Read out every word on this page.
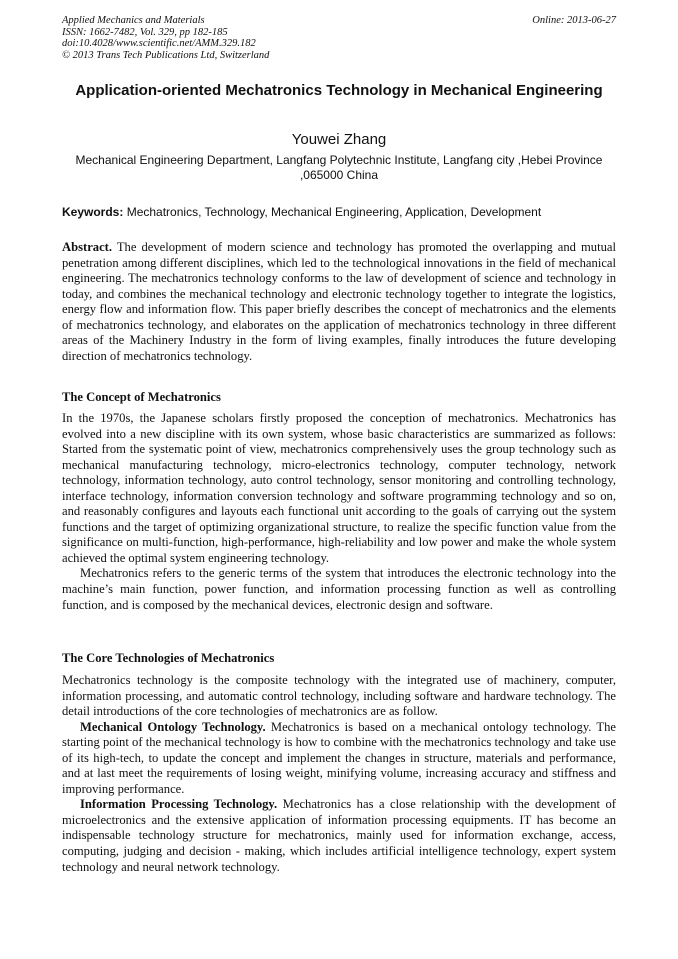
Applied Mechanics and Materials
ISSN: 1662-7482, Vol. 329, pp 182-185
doi:10.4028/www.scientific.net/AMM.329.182
© 2013 Trans Tech Publications Ltd, Switzerland
Online: 2013-06-27
Application-oriented Mechatronics Technology in Mechanical Engineering
Youwei Zhang
Mechanical Engineering Department, Langfang Polytechnic Institute, Langfang city ,Hebei Province ,065000 China
Keywords: Mechatronics, Technology, Mechanical Engineering, Application, Development

Abstract. The development of modern science and technology has promoted the overlapping and mutual penetration among different disciplines, which led to the technological innovations in the field of mechanical engineering. The mechatronics technology conforms to the law of development of science and technology in today, and combines the mechanical technology and electronic technology together to integrate the logistics, energy flow and information flow. This paper briefly describes the concept of mechatronics and the elements of mechatronics technology, and elaborates on the application of mechatronics technology in three different areas of the Machinery Industry in the form of living examples, finally introduces the future developing direction of mechatronics technology.

The Concept of Mechatronics

In the 1970s, the Japanese scholars firstly proposed the conception of mechatronics. Mechatronics has evolved into a new discipline with its own system, whose basic characteristics are summarized as follows: Started from the systematic point of view, mechatronics comprehensively uses the group technology such as mechanical manufacturing technology, micro-electronics technology, computer technology, network technology, information technology, auto control technology, sensor monitoring and controlling technology, interface technology, information conversion technology and software programming technology and so on, and reasonably configures and layouts each functional unit according to the goals of carrying out the system functions and the target of optimizing organizational structure, to realize the specific function value from the significance on multi-function, high-performance, high-reliability and low power and make the whole system achieved the optimal system engineering technology.

Mechatronics refers to the generic terms of the system that introduces the electronic technology into the machine’s main function, power function, and information processing function as well as controlling function, and is composed by the mechanical devices, electronic design and software.

The Core Technologies of Mechatronics

Mechatronics technology is the composite technology with the integrated use of machinery, computer, information processing, and automatic control technology, including software and hardware technology. The detail introductions of the core technologies of mechatronics are as follow.

Mechanical Ontology Technology. Mechatronics is based on a mechanical ontology technology. The starting point of the mechanical technology is how to combine with the mechatronics technology and take use of its high-tech, to update the concept and implement the changes in structure, materials and performance, and at last meet the requirements of losing weight, minifying volume, increasing accuracy and stiffness and improving performance.

Information Processing Technology. Mechatronics has a close relationship with the development of microelectronics and the extensive application of information processing equipments. IT has become an indispensable technology structure for mechatronics, mainly used for information exchange, access, computing, judging and decision - making, which includes artificial intelligence technology, expert system technology and neural network technology.
